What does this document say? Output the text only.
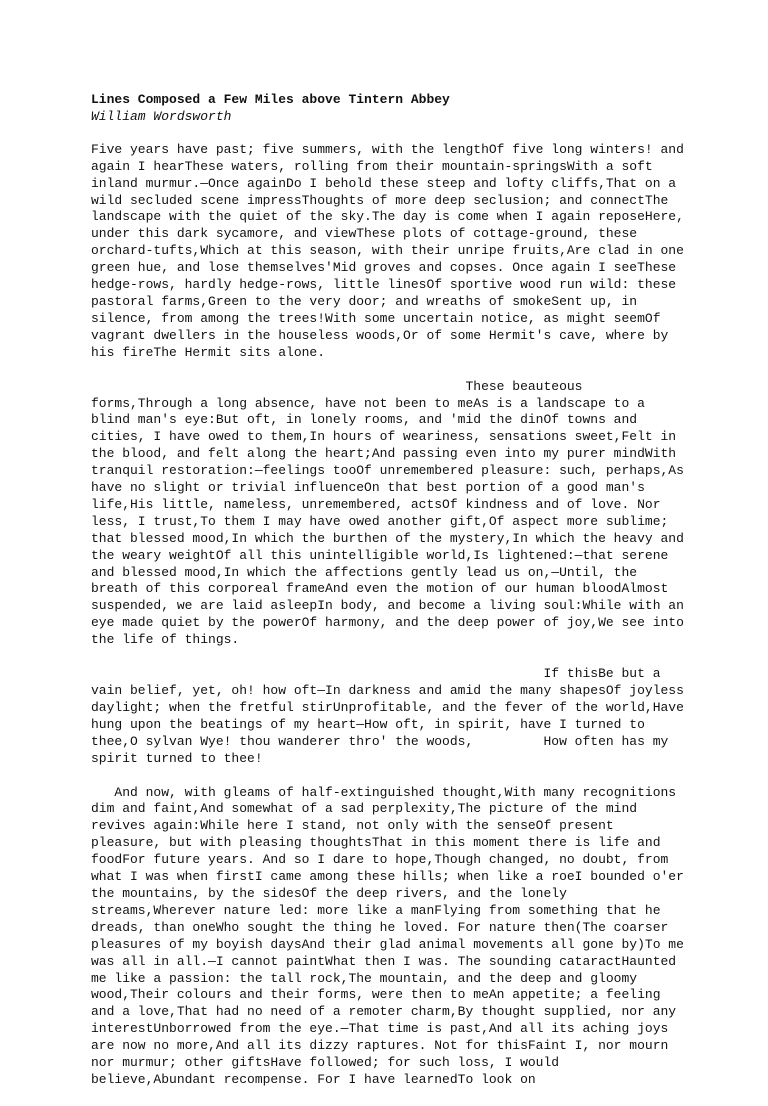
Lines Composed a Few Miles above Tintern Abbey

William Wordsworth

Five years have past; five summers, with the lengthOf five long winters! and again I hearThese waters, rolling from their mountain-springsWith a soft inland murmur.—Once againDo I behold these steep and lofty cliffs,That on a wild secluded scene impressThoughts of more deep seclusion; and connectThe landscape with the quiet of the sky.The day is come when I again reposeHere, under this dark sycamore, and viewThese plots of cottage-ground, these orchard-tufts,Which at this season, with their unripe fruits,Are clad in one green hue, and lose themselves'Mid groves and copses. Once again I seeThese hedge-rows, hardly hedge-rows, little linesOf sportive wood run wild: these pastoral farms,Green to the very door; and wreaths of smokeSent up, in silence, from among the trees!With some uncertain notice, as might seemOf vagrant dwellers in the houseless woods,Or of some Hermit's cave, where by his fireThe Hermit sits alone.

These beauteous forms,Through a long absence, have not been to meAs is a landscape to a blind man's eye:But oft, in lonely rooms, and 'mid the dinOf towns and cities, I have owed to them,In hours of weariness, sensations sweet,Felt in the blood, and felt along the heart;And passing even into my purer mindWith tranquil restoration:—feelings tooOf unremembered pleasure: such, perhaps,As have no slight or trivial influenceOn that best portion of a good man's life,His little, nameless, unremembered, actsOf kindness and of love. Nor less, I trust,To them I may have owed another gift,Of aspect more sublime; that blessed mood,In which the burthen of the mystery,In which the heavy and the weary weightOf all this unintelligible world,Is lightened:—that serene and blessed mood,In which the affections gently lead us on,—Until, the breath of this corporeal frameAnd even the motion of our human bloodAlmost suspended, we are laid asleepIn body, and become a living soul:While with an eye made quiet by the powerOf harmony, and the deep power of joy,We see into the life of things.

If thisBe but a vain belief, yet, oh! how oft—In darkness and amid the many shapesOf joyless daylight; when the fretful stirUnprofitable, and the fever of the world,Have hung upon the beatings of my heart—How oft, in spirit, have I turned to thee,O sylvan Wye! thou wanderer thro' the woods,         How often has my spirit turned to thee!

And now, with gleams of half-extinguished thought,With many recognitions dim and faint,And somewhat of a sad perplexity,The picture of the mind revives again:While here I stand, not only with the senseOf present pleasure, but with pleasing thoughtsThat in this moment there is life and foodFor future years. And so I dare to hope,Though changed, no doubt, from what I was when firstI came among these hills; when like a roeI bounded o'er the mountains, by the sidesOf the deep rivers, and the lonely streams,Wherever nature led: more like a manFlying from something that he dreads, than oneWho sought the thing he loved. For nature then(The coarser pleasures of my boyish daysAnd their glad animal movements all gone by)To me was all in all.—I cannot paintWhat then I was. The sounding cataractHaunted me like a passion: the tall rock,The mountain, and the deep and gloomy wood,Their colours and their forms, were then to meAn appetite; a feeling and a love,That had no need of a remoter charm,By thought supplied, nor any interestUnborrowed from the eye.—That time is past,And all its aching joys are now no more,And all its dizzy raptures. Not for thisFaint I, nor mourn nor murmur; other giftsHave followed; for such loss, I would believe,Abundant recompense. For I have learnedTo look on
